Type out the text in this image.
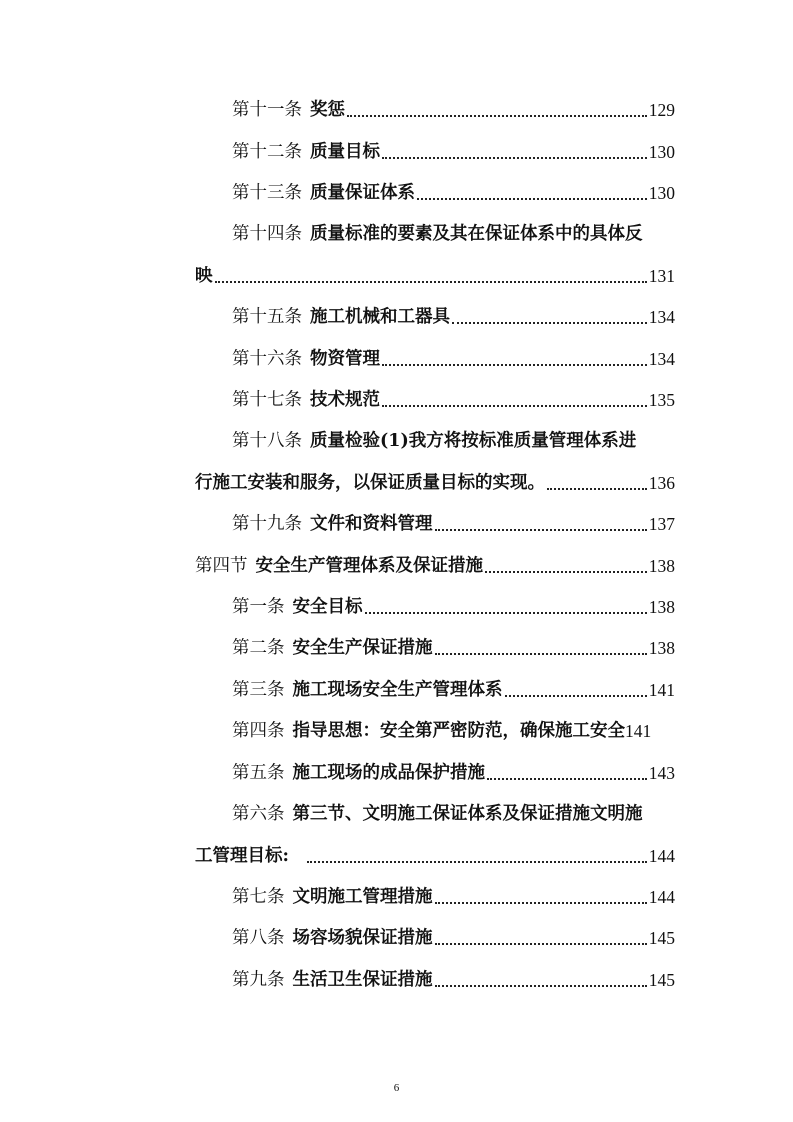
第十一条 奖惩	129
第十二条 质量目标	130
第十三条 质量保证体系	130
第十四条 质量标准的要素及其在保证体系中的具体反
映	131
第十五条 施工机械和工器具	134
第十六条 物资管理	134
第十七条 技术规范	135
第十八条 质量检验(1)我方将按标准质量管理体系进
行施工安装和服务，以保证质量目标的实现。	136
第十九条 文件和资料管理	137
第四节 安全生产管理体系及保证措施	138
第一条 安全目标	138
第二条 安全生产保证措施	138
第三条 施工现场安全生产管理体系	141
第四条 指导思想：安全第严密防范，确保施工安全 141
第五条 施工现场的成品保护措施	143
第六条 第三节、文明施工保证体系及保证措施文明施
工管理目标:	144
第七条 文明施工管理措施	144
第八条 场容场貌保证措施	145
第九条 生活卫生保证措施	145
6
